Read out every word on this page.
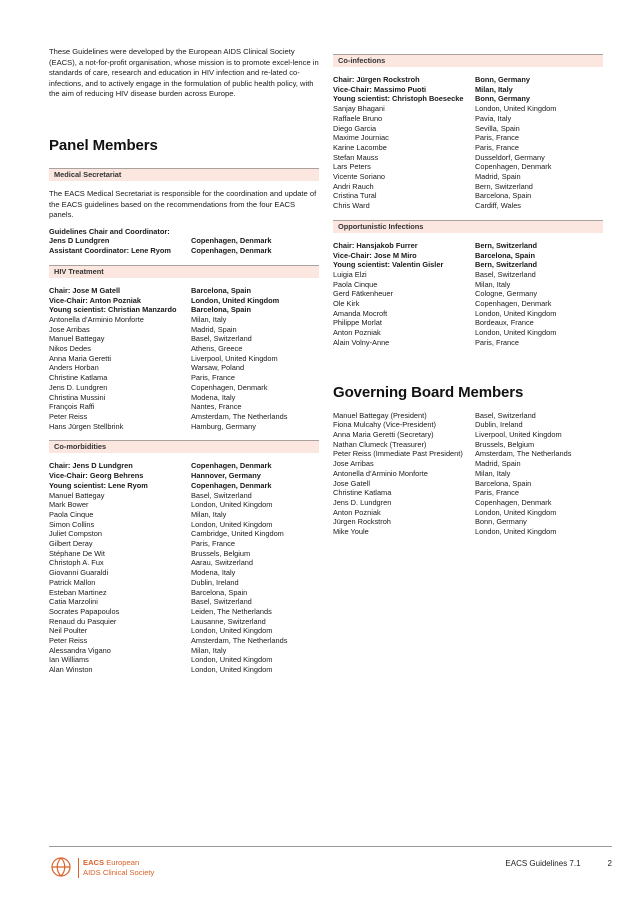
These Guidelines were developed by the European AIDS Clinical Society (EACS), a not-for-profit organisation, whose mission is to promote excel-lence in standards of care, research and education in HIV infection and re-lated co-infections, and to actively engage in the formulation of public health policy, with the aim of reducing HIV disease burden across Europe.

Panel Members
Medical Secretariat

The EACS Medical Secretariat is responsible for the coordination and update of the EACS guidelines based on the recommendations from the four EACS panels.

Guidelines Chair and Coordinator:	
Jens D Lundgren	Copenhagen, Denmark
Assistant Coordinator: Lene Ryom	Copenhagen, Denmark
HIV Treatment
Chair: Jose M Gatell	Barcelona, Spain
Vice-Chair: Anton Pozniak	London, United Kingdom
Young scientist: Christian Manzardo	Barcelona, Spain
Antonella d’Arminio Monforte	Milan, Italy
Jose Arribas	Madrid, Spain
Manuel Battegay	Basel, Switzerland
Nikos Dedes	Athens, Greece
Anna Maria Geretti	Liverpool, United Kingdom
Anders Horban	Warsaw, Poland
Christine Katlama	Paris, France
Jens D. Lundgren	Copenhagen, Denmark
Christina Mussini	Modena, Italy
François Raffi	Nantes, France
Peter Reiss	Amsterdam, The Netherlands
Hans Jürgen Stellbrink	Hamburg, Germany
Co-morbidities
Chair: Jens D Lundgren	Copenhagen, Denmark
Vice-Chair: Georg Behrens	Hannover, Germany
Young scientist: Lene Ryom	Copenhagen, Denmark
Manuel Battegay	Basel, Switzerland
Mark Bower	London, United Kingdom
Paola Cinque	Milan, Italy
Simon Collins	London, United Kingdom
Juliet Compston	Cambridge, United Kingdom
Gilbert Deray	Paris, France
Stéphane De Wit	Brussels, Belgium
Christoph A. Fux	Aarau, Switzerland
Giovanni Guaraldi	Modena, Italy
Patrick Mallon	Dublin, Ireland
Esteban Martinez	Barcelona, Spain
Catia Marzolini	Basel, Switzerland
Socrates Papapoulos	Leiden, The Netherlands
Renaud du Pasquier	Lausanne, Switzerland
Neil Poulter	London, United Kingdom
Peter Reiss	Amsterdam, The Netherlands
Alessandra Vigano	Milan, Italy
Ian Williams	London, United Kingdom
Alan Winston	London, United Kingdom
Co-infections
Chair: Jürgen Rockstroh	Bonn, Germany
Vice-Chair: Massimo Puoti	Milan, Italy
Young scientist: Christoph Boesecke	Bonn, Germany
Sanjay Bhagani	London, United Kingdom
Raffaele Bruno	Pavia, Italy
Diego Garcia	Sevilla, Spain
Maxime Journiac	Paris, France
Karine Lacombe	Paris, France
Stefan Mauss	Dusseldorf, Germany
Lars Peters	Copenhagen, Denmark
Vicente Soriano	Madrid, Spain
Andri Rauch	Bern, Switzerland
Cristina Tural	Barcelona, Spain
Chris Ward	Cardiff, Wales
Opportunistic Infections
Chair: Hansjakob Furrer	Bern, Switzerland
Vice-Chair: Jose M Miro	Barcelona, Spain
Young scientist: Valentin Gisler	Bern, Switzerland
Luigia Elzi	Basel, Switzerland
Paola Cinque	Milan, Italy
Gerd Fätkenheuer	Cologne, Germany
Ole Kirk	Copenhagen, Denmark
Amanda Mocroft	London, United Kingdom
Philippe Morlat	Bordeaux, France
Anton Pozniak	London, United Kingdom
Alain Volny-Anne	Paris, France
Governing Board Members
Manuel Battegay (President)	Basel, Switzerland
Fiona Mulcahy (Vice-President)	Dublin, Ireland
Anna Maria Geretti (Secretary)	Liverpool, United Kingdom
Nathan Clumeck (Treasurer)	Brussels, Belgium
Peter Reiss (Immediate Past President)	Amsterdam, The Netherlands
Jose Arribas	Madrid, Spain
Antonella d’Arminio Monforte	Milan, Italy
Jose Gatell	Barcelona, Spain
Christine Katlama	Paris, France
Jens D. Lundgren	Copenhagen, Denmark
Anton Pozniak	London, United Kingdom
Jürgen Rockstroh	Bonn, Germany
Mike Youle	London, United Kingdom
EACS European
AIDS Clinical Society
EACS Guidelines 7.1	2
